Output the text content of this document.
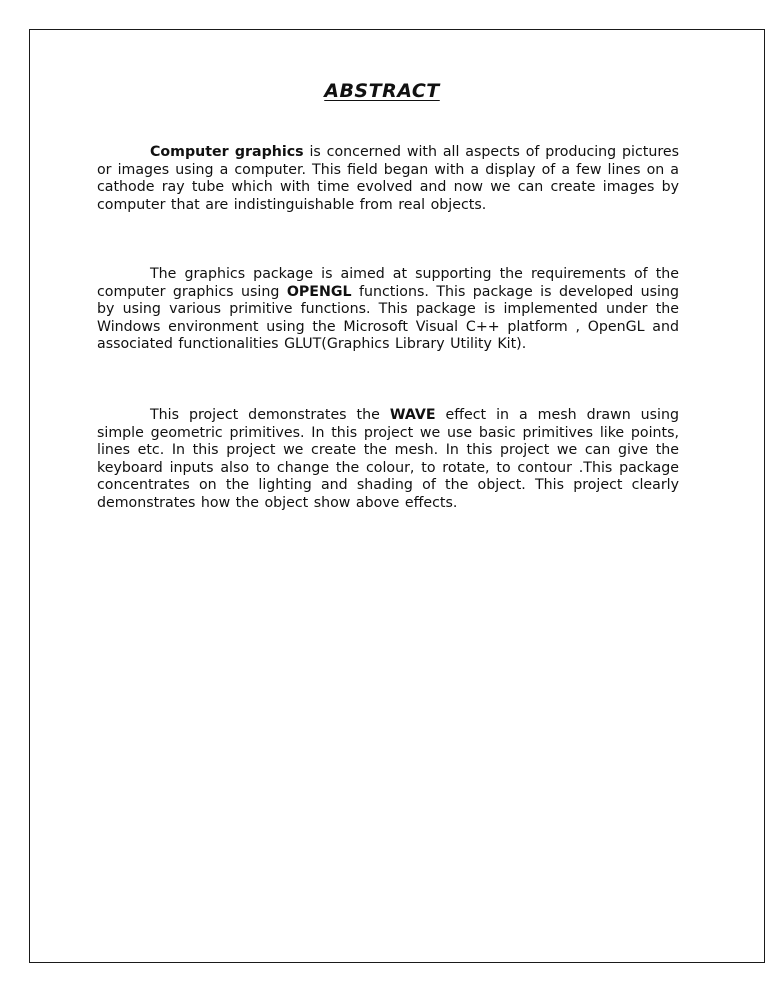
ABSTRACT

Computer graphics is concerned with all aspects of producing pictures or images using a computer. This field began with a display of a few lines on a cathode ray tube which with time evolved and now we can create images by computer that are indistinguishable from real objects.

The graphics package is aimed at supporting the requirements of the computer graphics using OPENGL functions. This package is developed using by using various primitive functions. This package is implemented under the Windows environment using the Microsoft Visual C++ platform , OpenGL and associated functionalities GLUT(Graphics Library Utility Kit).

This project demonstrates the WAVE effect in a mesh drawn using simple geometric primitives. In this project we use basic primitives like points, lines etc. In this project we create the mesh. In this project we can give the keyboard inputs also to change the colour, to rotate, to contour .This package concentrates on the lighting and shading of the object. This project clearly demonstrates how the object show above effects.
